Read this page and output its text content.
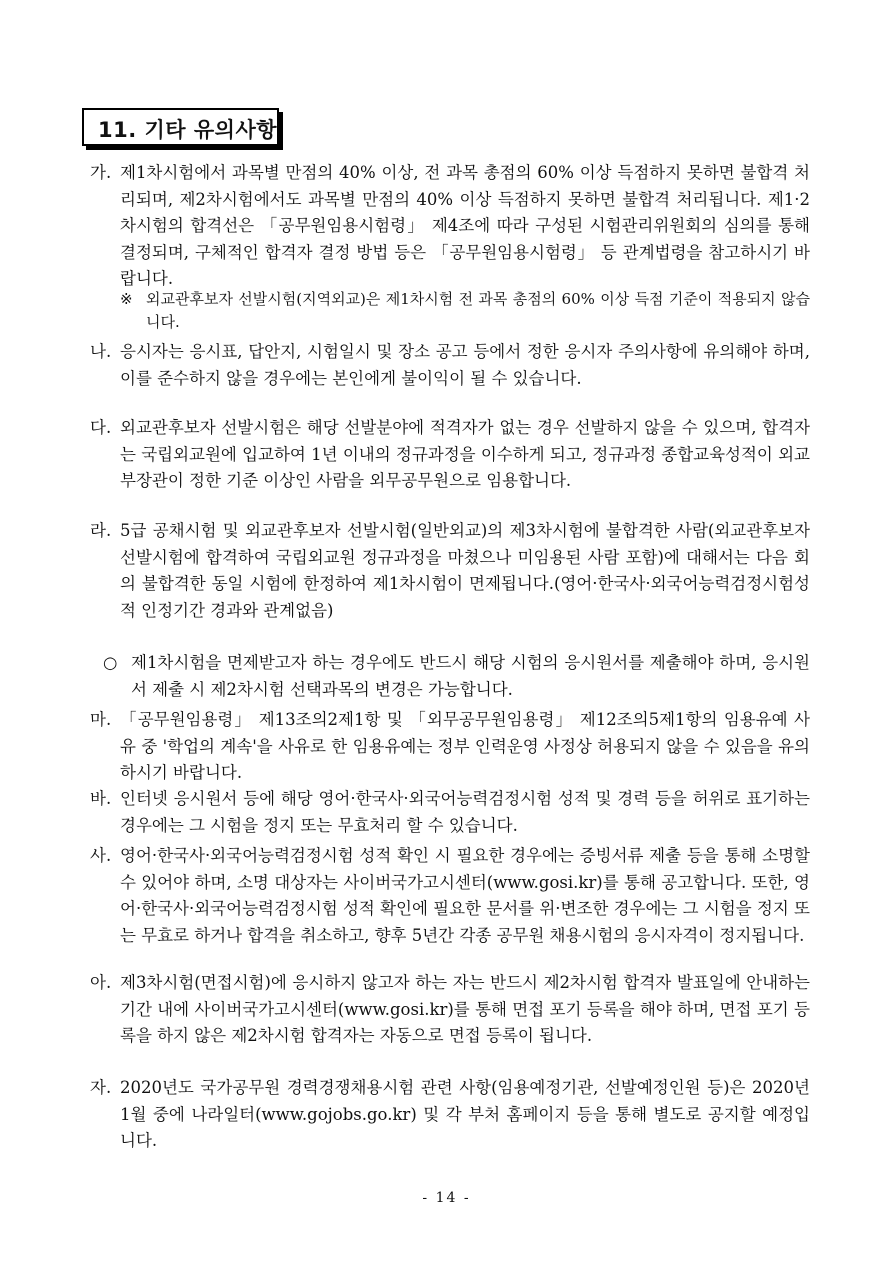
11. 기타 유의사항
가. 제1차시험에서 과목별 만점의 40% 이상, 전 과목 총점의 60% 이상 득점하지 못하면 불합격 처리되며, 제2차시험에서도 과목별 만점의 40% 이상 득점하지 못하면 불합격 처리됩니다. 제1·2차시험의 합격선은 「공무원임용시험령」 제4조에 따라 구성된 시험관리위원회의 심의를 통해 결정되며, 구체적인 합격자 결정 방법 등은 「공무원임용시험령」 등 관계법령을 참고하시기 바랍니다.
※ 외교관후보자 선발시험(지역외교)은 제1차시험 전 과목 총점의 60% 이상 득점 기준이 적용되지 않습니다.
나. 응시자는 응시표, 답안지, 시험일시 및 장소 공고 등에서 정한 응시자 주의사항에 유의해야 하며, 이를 준수하지 않을 경우에는 본인에게 불이익이 될 수 있습니다.
다. 외교관후보자 선발시험은 해당 선발분야에 적격자가 없는 경우 선발하지 않을 수 있으며, 합격자는 국립외교원에 입교하여 1년 이내의 정규과정을 이수하게 되고, 정규과정 종합교육성적이 외교부장관이 정한 기준 이상인 사람을 외무공무원으로 임용합니다.
라. 5급 공채시험 및 외교관후보자 선발시험(일반외교)의 제3차시험에 불합격한 사람(외교관후보자 선발시험에 합격하여 국립외교원 정규과정을 마쳤으나 미임용된 사람 포함)에 대해서는 다음 회의 불합격한 동일 시험에 한정하여 제1차시험이 면제됩니다.(영어·한국사·외국어능력검정시험성적 인정기간 경과와 관계없음)
○ 제1차시험을 면제받고자 하는 경우에도 반드시 해당 시험의 응시원서를 제출해야 하며, 응시원서 제출 시 제2차시험 선택과목의 변경은 가능합니다.
마. 「공무원임용령」 제13조의2제1항 및 「외무공무원임용령」 제12조의5제1항의 임용유예 사유 중 '학업의 계속'을 사유로 한 임용유예는 정부 인력운영 사정상 허용되지 않을 수 있음을 유의하시기 바랍니다.
바. 인터넷 응시원서 등에 해당 영어·한국사·외국어능력검정시험 성적 및 경력 등을 허위로 표기하는 경우에는 그 시험을 정지 또는 무효처리 할 수 있습니다.
사. 영어·한국사·외국어능력검정시험 성적 확인 시 필요한 경우에는 증빙서류 제출 등을 통해 소명할 수 있어야 하며, 소명 대상자는 사이버국가고시센터(www.gosi.kr)를 통해 공고합니다. 또한, 영어·한국사·외국어능력검정시험 성적 확인에 필요한 문서를 위·변조한 경우에는 그 시험을 정지 또는 무효로 하거나 합격을 취소하고, 향후 5년간 각종 공무원 채용시험의 응시자격이 정지됩니다.
아. 제3차시험(면접시험)에 응시하지 않고자 하는 자는 반드시 제2차시험 합격자 발표일에 안내하는 기간 내에 사이버국가고시센터(www.gosi.kr)를 통해 면접 포기 등록을 해야 하며, 면접 포기 등록을 하지 않은 제2차시험 합격자는 자동으로 면접 등록이 됩니다.
자. 2020년도 국가공무원 경력경쟁채용시험 관련 사항(임용예정기관, 선발예정인원 등)은 2020년 1월 중에 나라일터(www.gojobs.go.kr) 및 각 부처 홈페이지 등을 통해 별도로 공지할 예정입니다.
- 14 -
